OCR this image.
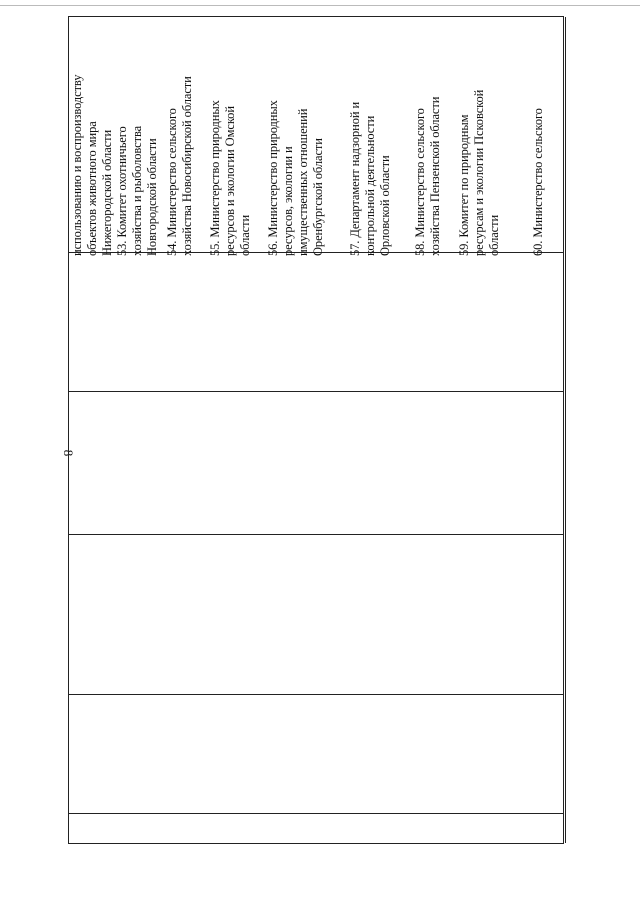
8
использованию и воспроизводству
объектов животного мира
Нижегородской области
53. Комитет охотничьего
хозяйства и рыболовства
Новгородской области
54. Министерство сельского
хозяйства Новосибирской области
55. Министерство природных
ресурсов и экологии Омской
области 56. Министерство природных
ресурсов, экологии и
имущественных отношений
Оренбургской области
57. Департамент надзорной и
контрольной деятельности
Орловской области
58. Министерство сельского
хозяйства Пензенской области
59. Комитет по природным
ресурсам и экологии Псковской
области 60. Министерство сельского
